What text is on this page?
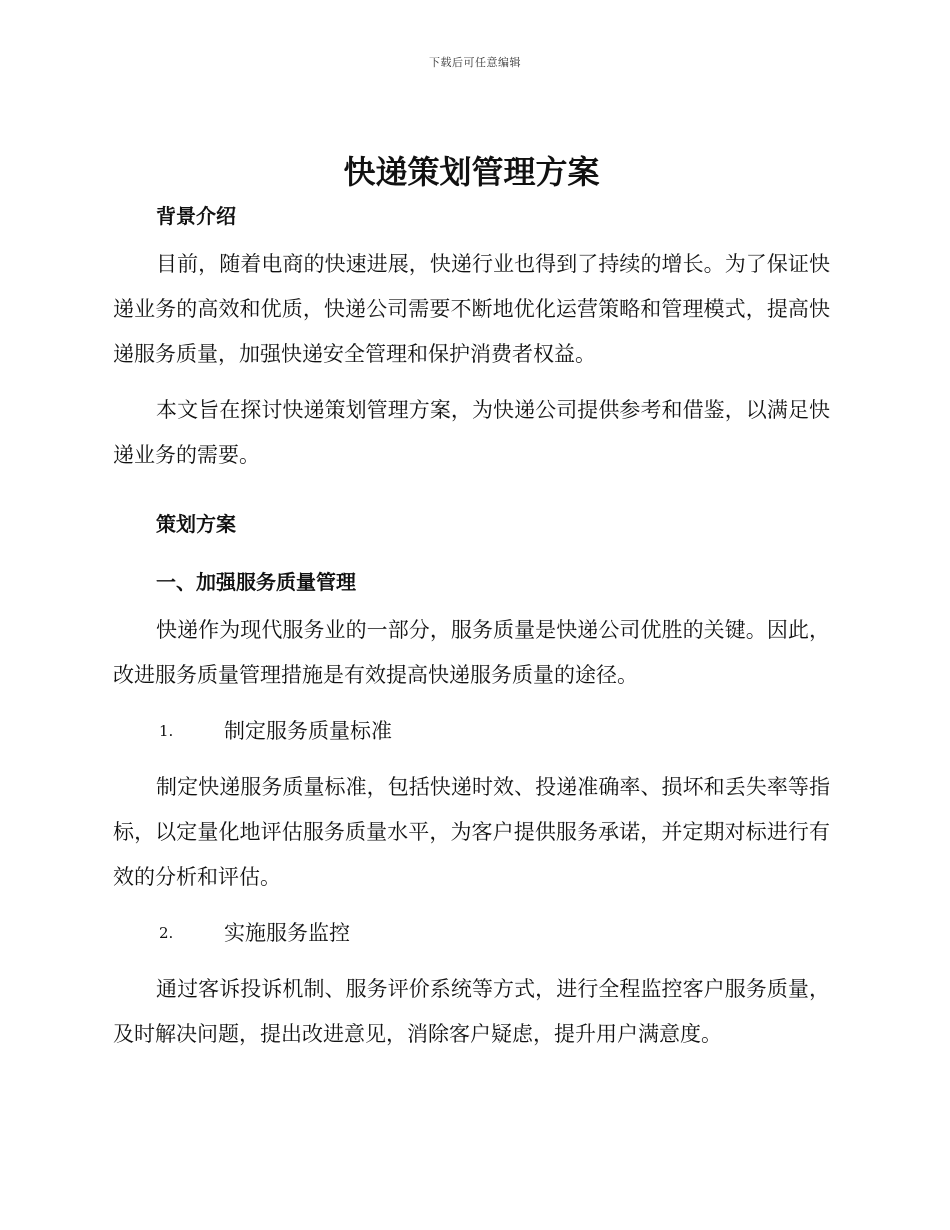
下载后可任意编辑
快递策划管理方案

背景介绍

目前，随着电商的快速进展，快递行业也得到了持续的增长。为了保证快递业务的高效和优质，快递公司需要不断地优化运营策略和管理模式，提高快递服务质量，加强快递安全管理和保护消费者权益。

本文旨在探讨快递策划管理方案，为快递公司提供参考和借鉴，以满足快递业务的需要。

策划方案

一、加强服务质量管理

快递作为现代服务业的一部分，服务质量是快递公司优胜的关键。因此，改进服务质量管理措施是有效提高快递服务质量的途径。

1.	制定服务质量标准

制定快递服务质量标准，包括快递时效、投递准确率、损坏和丢失率等指标，以定量化地评估服务质量水平，为客户提供服务承诺，并定期对标进行有效的分析和评估。

2.	实施服务监控

通过客诉投诉机制、服务评价系统等方式，进行全程监控客户服务质量，及时解决问题，提出改进意见，消除客户疑虑，提升用户满意度。
